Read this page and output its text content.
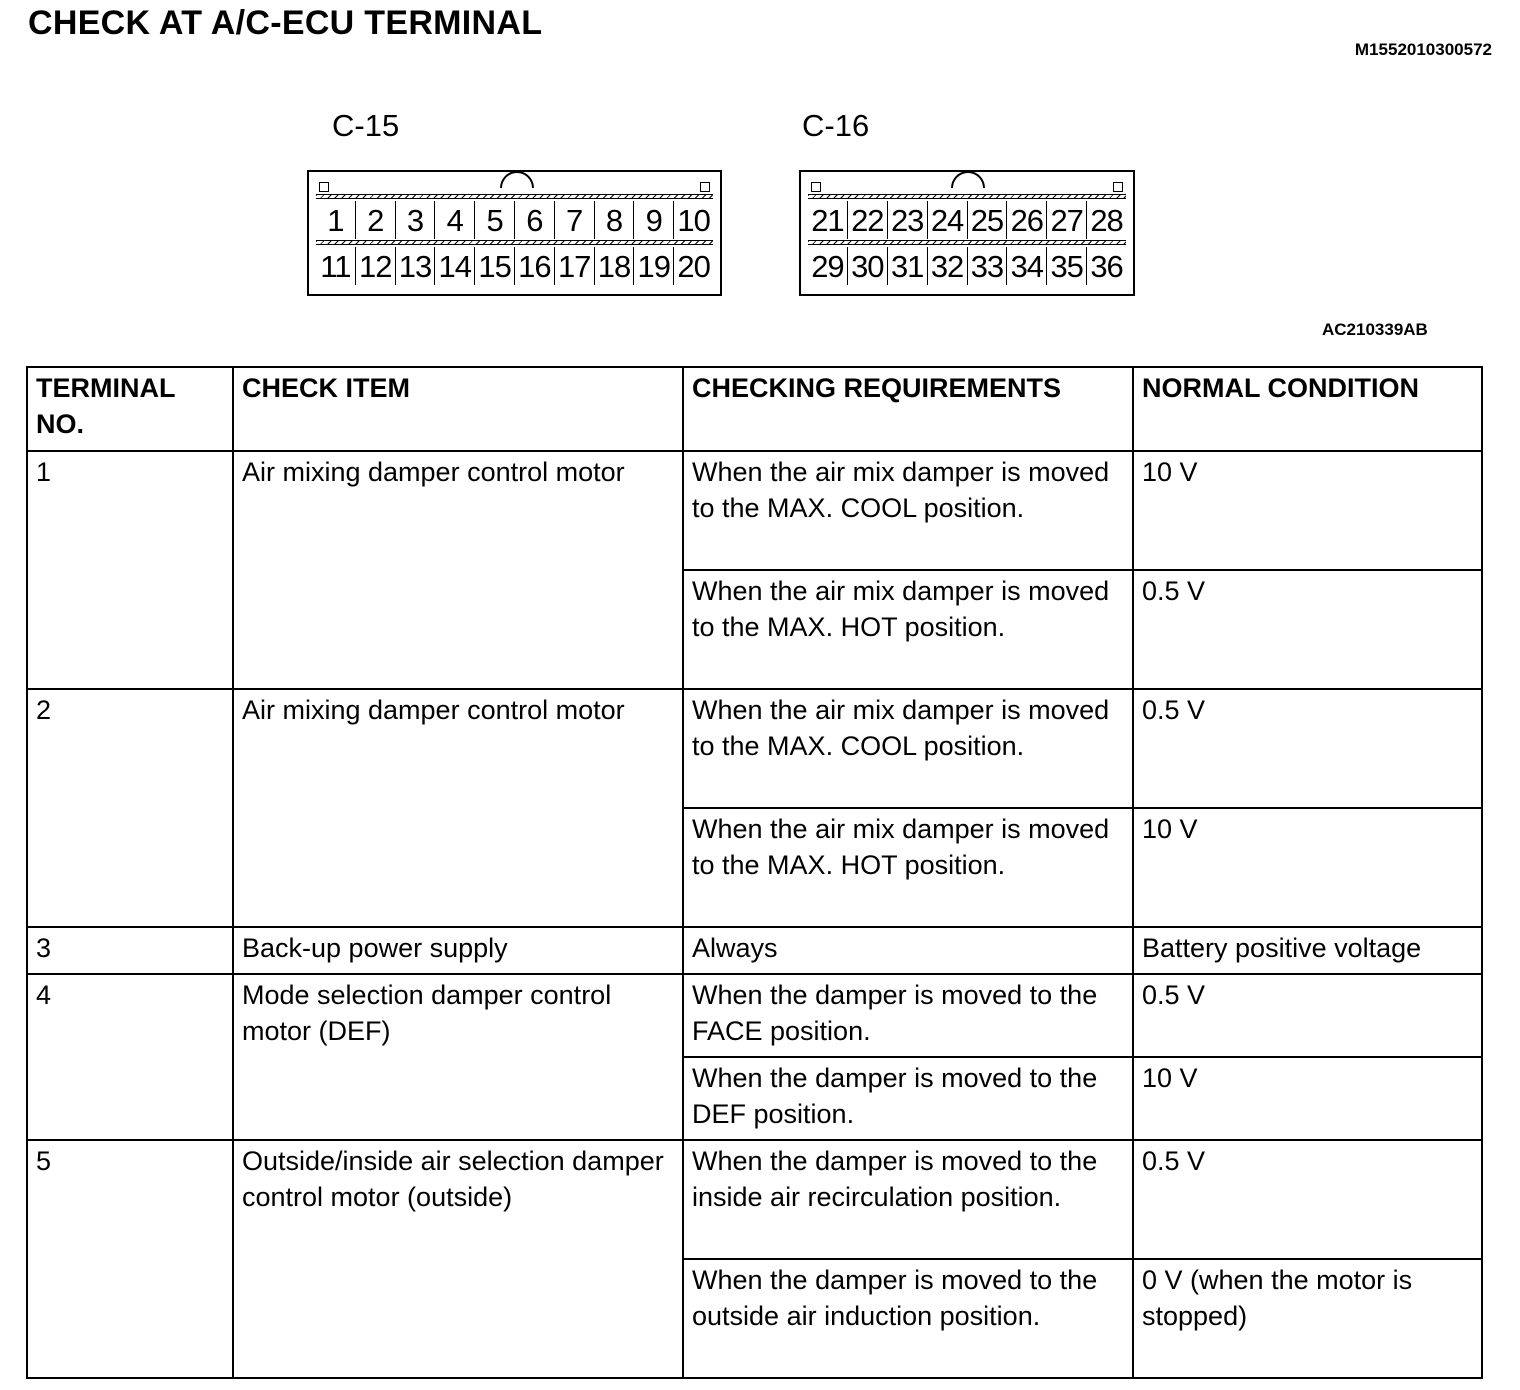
CHECK AT A/C-ECU TERMINAL
M1552010300572
C-15
1 2 3 4 5 6 7 8 9 10
11 12 13 14 15 16 17 18 19 20
C-16
21 22 23 24 25 26 27 28
29 30 31 32 33 34 35 36
AC210339AB
TERMINAL NO.	CHECK ITEM	CHECKING REQUIREMENTS	NORMAL CONDITION
1	Air mixing damper control motor	When the air mix damper is moved to the MAX. COOL position.	10 V
		When the air mix damper is moved to the MAX. HOT position.	0.5 V
2	Air mixing damper control motor	When the air mix damper is moved to the MAX. COOL position.	0.5 V
		When the air mix damper is moved to the MAX. HOT position.	10 V
3	Back-up power supply	Always	Battery positive voltage
4	Mode selection damper control motor (DEF)	When the damper is moved to the FACE position.	0.5 V
		When the damper is moved to the DEF position.	10 V
5	Outside/inside air selection damper control motor (outside)	When the damper is moved to the inside air recirculation position.	0.5 V
		When the damper is moved to the outside air induction position.	0 V (when the motor is stopped)
